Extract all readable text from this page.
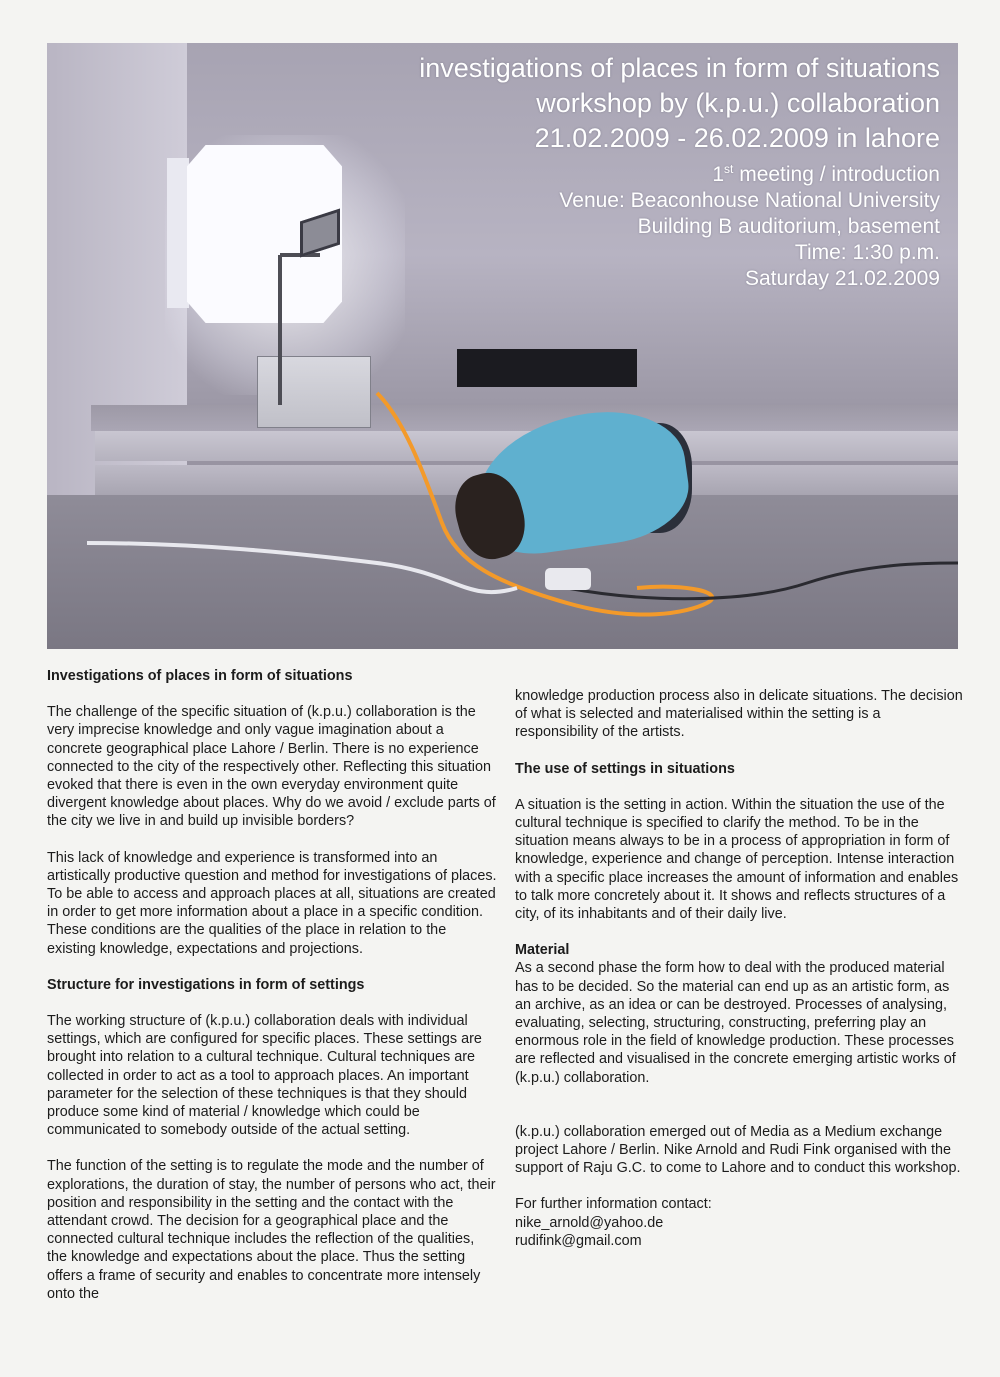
investigations of places in form of situations
workshop by (k.p.u.) collaboration
21.02.2009 - 26.02.2009 in lahore
1st meeting / introduction
Venue: Beaconhouse National University
Building B auditorium, basement
Time: 1:30 p.m.
Saturday 21.02.2009
Investigations of places in form of situations

The challenge of the specific situation of (k.p.u.) collaboration is the very imprecise knowledge and only vague imagination about a concrete geographical place Lahore / Berlin. There is no experience connected to the city of the respectively other. Reflecting this situation evoked that there is even in the own everyday environment quite divergent knowledge about places. Why do we avoid / exclude parts of the city we live in and build up invisible borders?

This lack of knowledge and experience is transformed into an artistically productive question and method for investigations of places. To be able to access and approach places at all, situations are created in order to get more information about a place in a specific condition. These conditions are the qualities of the place in relation to the existing knowledge, expectations and projections.

Structure for investigations in form of settings

The working structure of (k.p.u.) collaboration deals with individual settings, which are configured for specific places. These settings are brought into relation to a cultural technique. Cultural techniques are collected in order to act as a tool to approach places. An important parameter for the selection of these techniques is that they should produce some kind of material / knowledge which could be communicated to somebody outside of the actual setting.

The function of the setting is to regulate the mode and the number of explorations, the duration of stay, the number of persons who act, their position and responsibility in the setting and the contact with the attendant crowd. The decision for a geographical place and the connected cultural technique includes the reflection of the qualities, the knowledge and expectations about the place. Thus the setting offers a frame of security and enables to concentrate more intensely onto the

knowledge production process also in delicate situations. The decision of what is selected and materialised within the setting is a responsibility of the artists.

The use of settings in situations

A situation is the setting in action. Within the situation the use of the cultural technique is specified to clarify the method. To be in the situation means always to be in a process of appropriation in form of knowledge, experience and change of perception. Intense interaction with a specific place increases the amount of information and enables to talk more concretely about it. It shows and reflects structures of a city, of its inhabitants and of their daily live.

Material

As a second phase the form how to deal with the produced material has to be decided. So the material can end up as an artistic form, as an archive, as an idea or can be destroyed. Processes of analysing, evaluating, selecting, structuring, constructing, preferring play an enormous role in the field of knowledge production. These processes are reflected and visualised in the concrete emerging artistic works of (k.p.u.) collaboration.

(k.p.u.) collaboration emerged out of Media as a Medium exchange project Lahore / Berlin. Nike Arnold and Rudi Fink organised with the support of Raju G.C. to come to Lahore and to conduct this workshop.

For further information contact:

nike_arnold@yahoo.de

rudifink@gmail.com
